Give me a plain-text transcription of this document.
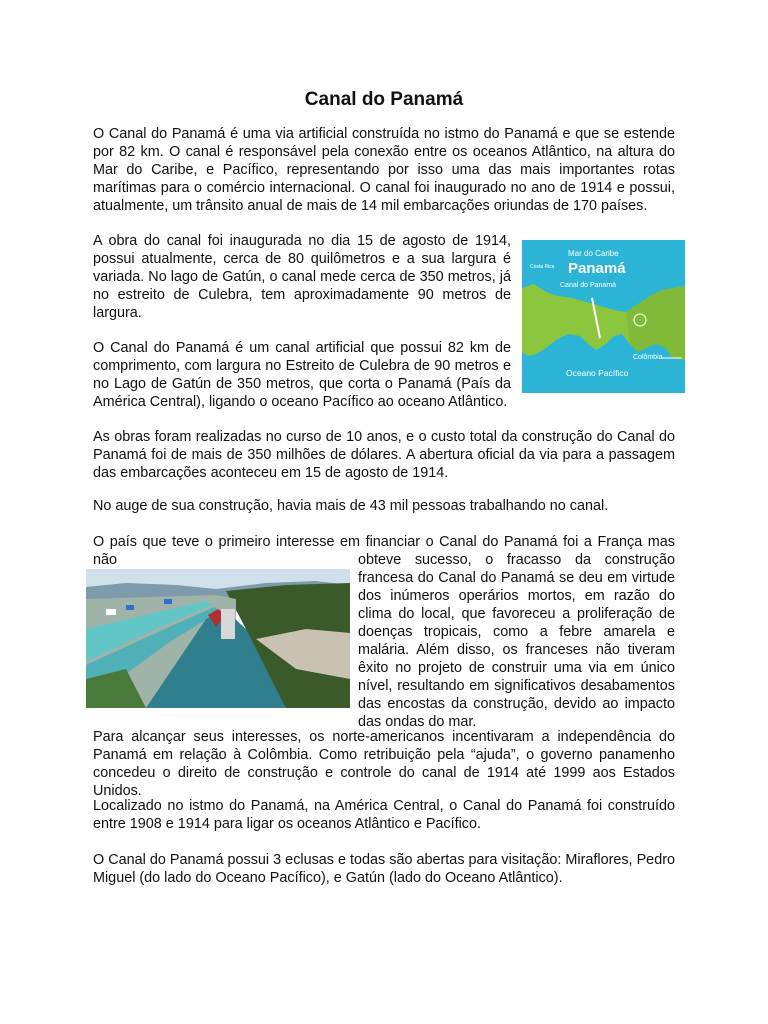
Canal do Panamá

O Canal do Panamá é uma via artificial construída no istmo do Panamá e que se estende por 82 km. O canal é responsável pela conexão entre os oceanos Atlântico, na altura do Mar do Caribe, e Pacífico, representando por isso uma das mais importantes rotas marítimas para o comércio internacional. O canal foi inaugurado no ano de 1914 e possui, atualmente, um trânsito anual de mais de 14 mil embarcações oriundas de 170 países.

A obra do canal foi inaugurada no dia 15 de agosto de 1914, possui atualmente, cerca de 80 quilômetros e a sua largura é variada. No lago de Gatún, o canal mede cerca de 350 metros, já no estreito de Culebra, tem aproximadamente 90 metros de largura.

O Canal do Panamá é um canal artificial que possui 82 km de comprimento, com largura no Estreito de Culebra de 90 metros e no Lago de Gatún de 350 metros, que corta o Panamá (País da América Central), ligando o oceano Pacífico ao oceano Atlântico.

Mar do Caribe
Panamá
Costa Rica
Canal do Panamá
Colômbia
Oceano Pacífico

As obras foram realizadas no curso de 10 anos, e o custo total da construção do Canal do Panamá foi de mais de 350 milhões de dólares. A abertura oficial da via para a passagem das embarcações aconteceu em 15 de agosto de 1914.

No auge de sua construção, havia mais de 43 mil pessoas trabalhando no canal.

O país que teve o primeiro interesse em financiar o Canal do Panamá foi a França mas não	obteve sucesso, o fracasso da construção francesa do Canal do Panamá se deu em virtude dos inúmeros operários mortos, em razão do clima do local, que favoreceu a proliferação de doenças tropicais, como a febre amarela e malária. Além disso, os franceses não tiveram êxito no projeto de construir uma via em único nível, resultando em significativos desabamentos das encostas da construção, devido ao impacto das ondas do mar.

Para alcançar seus interesses, os norte-americanos incentivaram a independência do Panamá em relação à Colômbia. Como retribuição pela “ajuda”, o governo panamenho concedeu o direito de construção e controle do canal de 1914 até 1999 aos Estados Unidos.

Localizado no istmo do Panamá, na América Central, o Canal do Panamá foi construído entre 1908 e 1914 para ligar os oceanos Atlântico e Pacífico.

O Canal do Panamá possui 3 eclusas e todas são abertas para visitação: Miraflores, Pedro Miguel (do lado do Oceano Pacífico), e Gatún (lado do Oceano Atlântico).
